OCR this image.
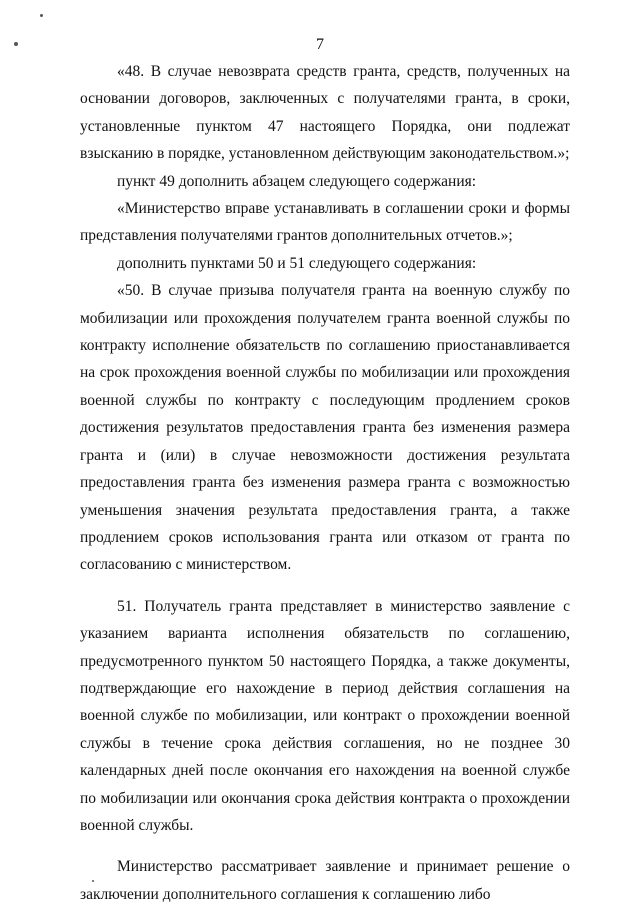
7

«48. В случае невозврата средств гранта, средств, полученных на основании договоров, заключенных с получателями гранта, в сроки, установленные пунктом 47 настоящего Порядка, они подлежат взысканию в порядке, установленном действующим законодательством.»;

пункт 49 дополнить абзацем следующего содержания:

«Министерство вправе устанавливать в соглашении сроки и формы представления получателями грантов дополнительных отчетов.»;

дополнить пунктами 50 и 51 следующего содержания:

«50. В случае призыва получателя гранта на военную службу по мобилизации или прохождения получателем гранта военной службы по контракту исполнение обязательств по соглашению приостанавливается на срок прохождения военной службы по мобилизации или прохождения военной службы по контракту с последующим продлением сроков достижения результатов предоставления гранта без изменения размера гранта и (или) в случае невозможности достижения результата предоставления гранта без изменения размера гранта с возможностью уменьшения значения результата предоставления гранта, а также продлением сроков использования гранта или отказом от гранта по согласованию с министерством.

51. Получатель гранта представляет в министерство заявление с указанием варианта исполнения обязательств по соглашению, предусмотренного пунктом 50 настоящего Порядка, а также документы, подтверждающие его нахождение в период действия соглашения на военной службе по мобилизации, или контракт о прохождении военной службы в течение срока действия соглашения, но не позднее 30 календарных дней после окончания его нахождения на военной службе по мобилизации или окончания срока действия контракта о прохождении военной службы.

Министерство рассматривает заявление и принимает решение о заключении дополнительного соглашения к соглашению либо
